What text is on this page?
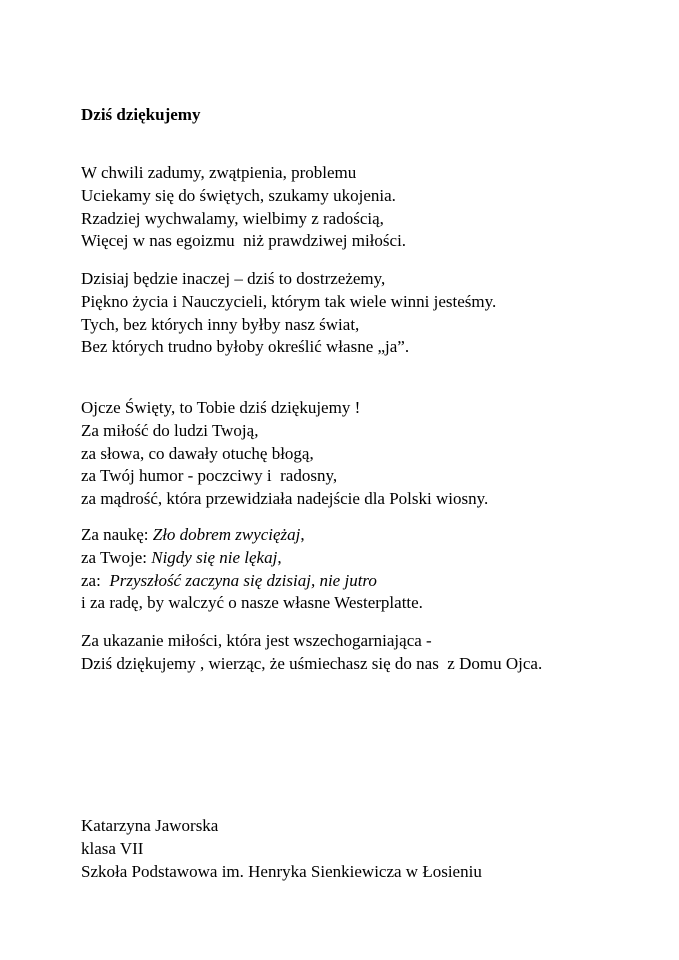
Dziś dziękujemy
W chwili zadumy, zwątpienia, problemu
Uciekamy się do świętych, szukamy ukojenia.
Rzadziej wychwalamy, wielbimy z radością,
Więcej w nas egoizmu  niż prawdziwej miłości.
Dzisiaj będzie inaczej – dziś to dostrzeżemy,
Piękno życia i Nauczycieli, którym tak wiele winni jesteśmy.
Tych, bez których inny byłby nasz świat,
Bez których trudno byłoby określić własne „ja”.
Ojcze Święty, to Tobie dziś dziękujemy !
Za miłość do ludzi Twoją,
za słowa, co dawały otuchę błogą,
za Twój humor - poczciwy i  radosny,
za mądrość, która przewidziała nadejście dla Polski wiosny.
Za naukę: Zło dobrem zwyciężaj,
za Twoje: Nigdy się nie lękaj,
za:  Przyszłość zaczyna się dzisiaj, nie jutro
i za radę, by walczyć o nasze własne Westerplatte.
Za ukazanie miłości, która jest wszechogarniająca -
Dziś dziękujemy , wierząc, że uśmiechasz się do nas  z Domu Ojca.
Katarzyna Jaworska
klasa VII
Szkoła Podstawowa im. Henryka Sienkiewicza w Łosieniu
